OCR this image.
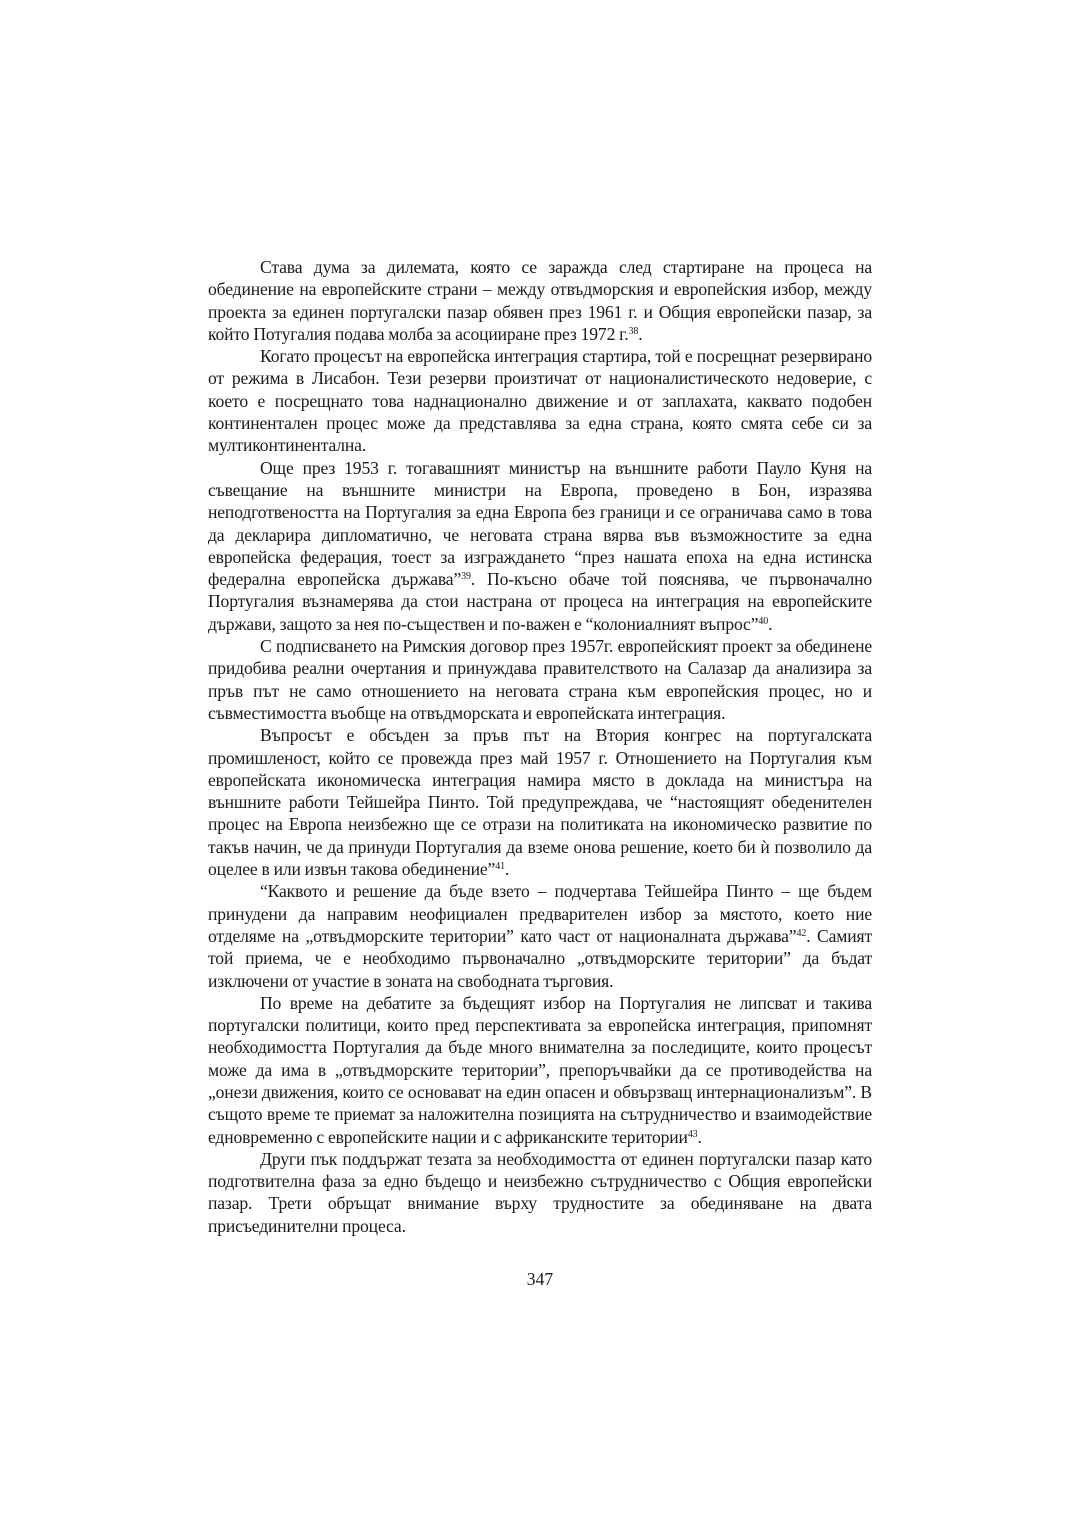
Става дума за дилемата, която се заражда след стартиране на процеса на обединение на европейските страни – между отвъдморския и европейския избор, между проекта за единен португалски пазар обявен през 1961 г. и Общия европейски пазар, за който Потугалия подава молба за асоцииране през 1972 г.$^{38}$.

Когато процесът на европейска интеграция стартира, той е посрещнат резервирано от режима в Лисабон. Тези резерви произтичат от националистическото недоверие, с което е посрещнато това наднационално движение и от заплахата, каквато подобен континентален процес може да представлява за една страна, която смята себе си за мултиконтинентална.

Още през 1953 г. тогавашният министър на външните работи Пауло Куня на съвещание на външните министри на Европа, проведено в Бон, изразява неподготвеността на Португалия за една Европа без граници и се ограничава само в това да декларира дипломатично, че неговата страна вярва във възможностите за една европейска федерация, тоест за изграждането “през нашата епоха на една истинска федерална европейска държава”$^{39}$. По-късно обаче той пояснява, че първоначално Португалия възнамерява да стои настрана от процеса на интеграция на европейските държави, защото за нея по-съществен и по-важен е “колониалният въпрос”$^{40}$.

С подписването на Римския договор през 1957г. европейският проект за обединене придобива реални очертания и принуждава правителството на Салазар да анализира за пръв път не само отношението на неговата страна към европейския процес, но и съвместимостта въобще на отвъдморската и европейската интеграция.

Въпросът е обсъден за пръв път на Втория конгрес на португалската промишленост, който се провежда през май 1957 г. Отношението на Португалия към европейската икономическа интеграция намира място в доклада на министъра на външните работи Тейшейра Пинто. Той предупреждава, че “настоящият обеденителен процес на Европа неизбежно ще се отрази на политиката на икономическо развитие по такъв начин, че да принуди Португалия да вземе онова решение, което би ѝ позволило да оцелее в или извън такова обединение”$^{41}$.

“Каквото и решение да бъде взето – подчертава Тейшейра Пинто – ще бъдем принудени да направим неофициален предварителен избор за мястото, което ние отделяме на „отвъдморските територии” като част от националната държава”$^{42}$. Самият той приема, че е необходимо първоначално „отвъдморските територии” да бъдат изключени от участие в зоната на свободната търговия.

По време на дебатите за бъдещият избор на Португалия не липсват и такива португалски политици, които пред перспективата за европейска интеграция, припомнят необходимостта Португалия да бъде много внимателна за последиците, които процесът може да има в „отвъдморските територии”, препоръчвайки да се противодейства на „онези движения, които се основават на един опасен и обвързващ интернационализъм”. В същото време те приемат за наложителна позицията на сътрудничество и взаимодействие едновременно с европейските нации и с африканските територии$^{43}$.

Други пък поддържат тезата за необходимостта от единен португалски пазар като подготвителна фаза за едно бъдещо и неизбежно сътрудничество с Общия европейски пазар. Трети обръщат внимание върху трудностите за обединяване на двата присъединителни процеса.

347
